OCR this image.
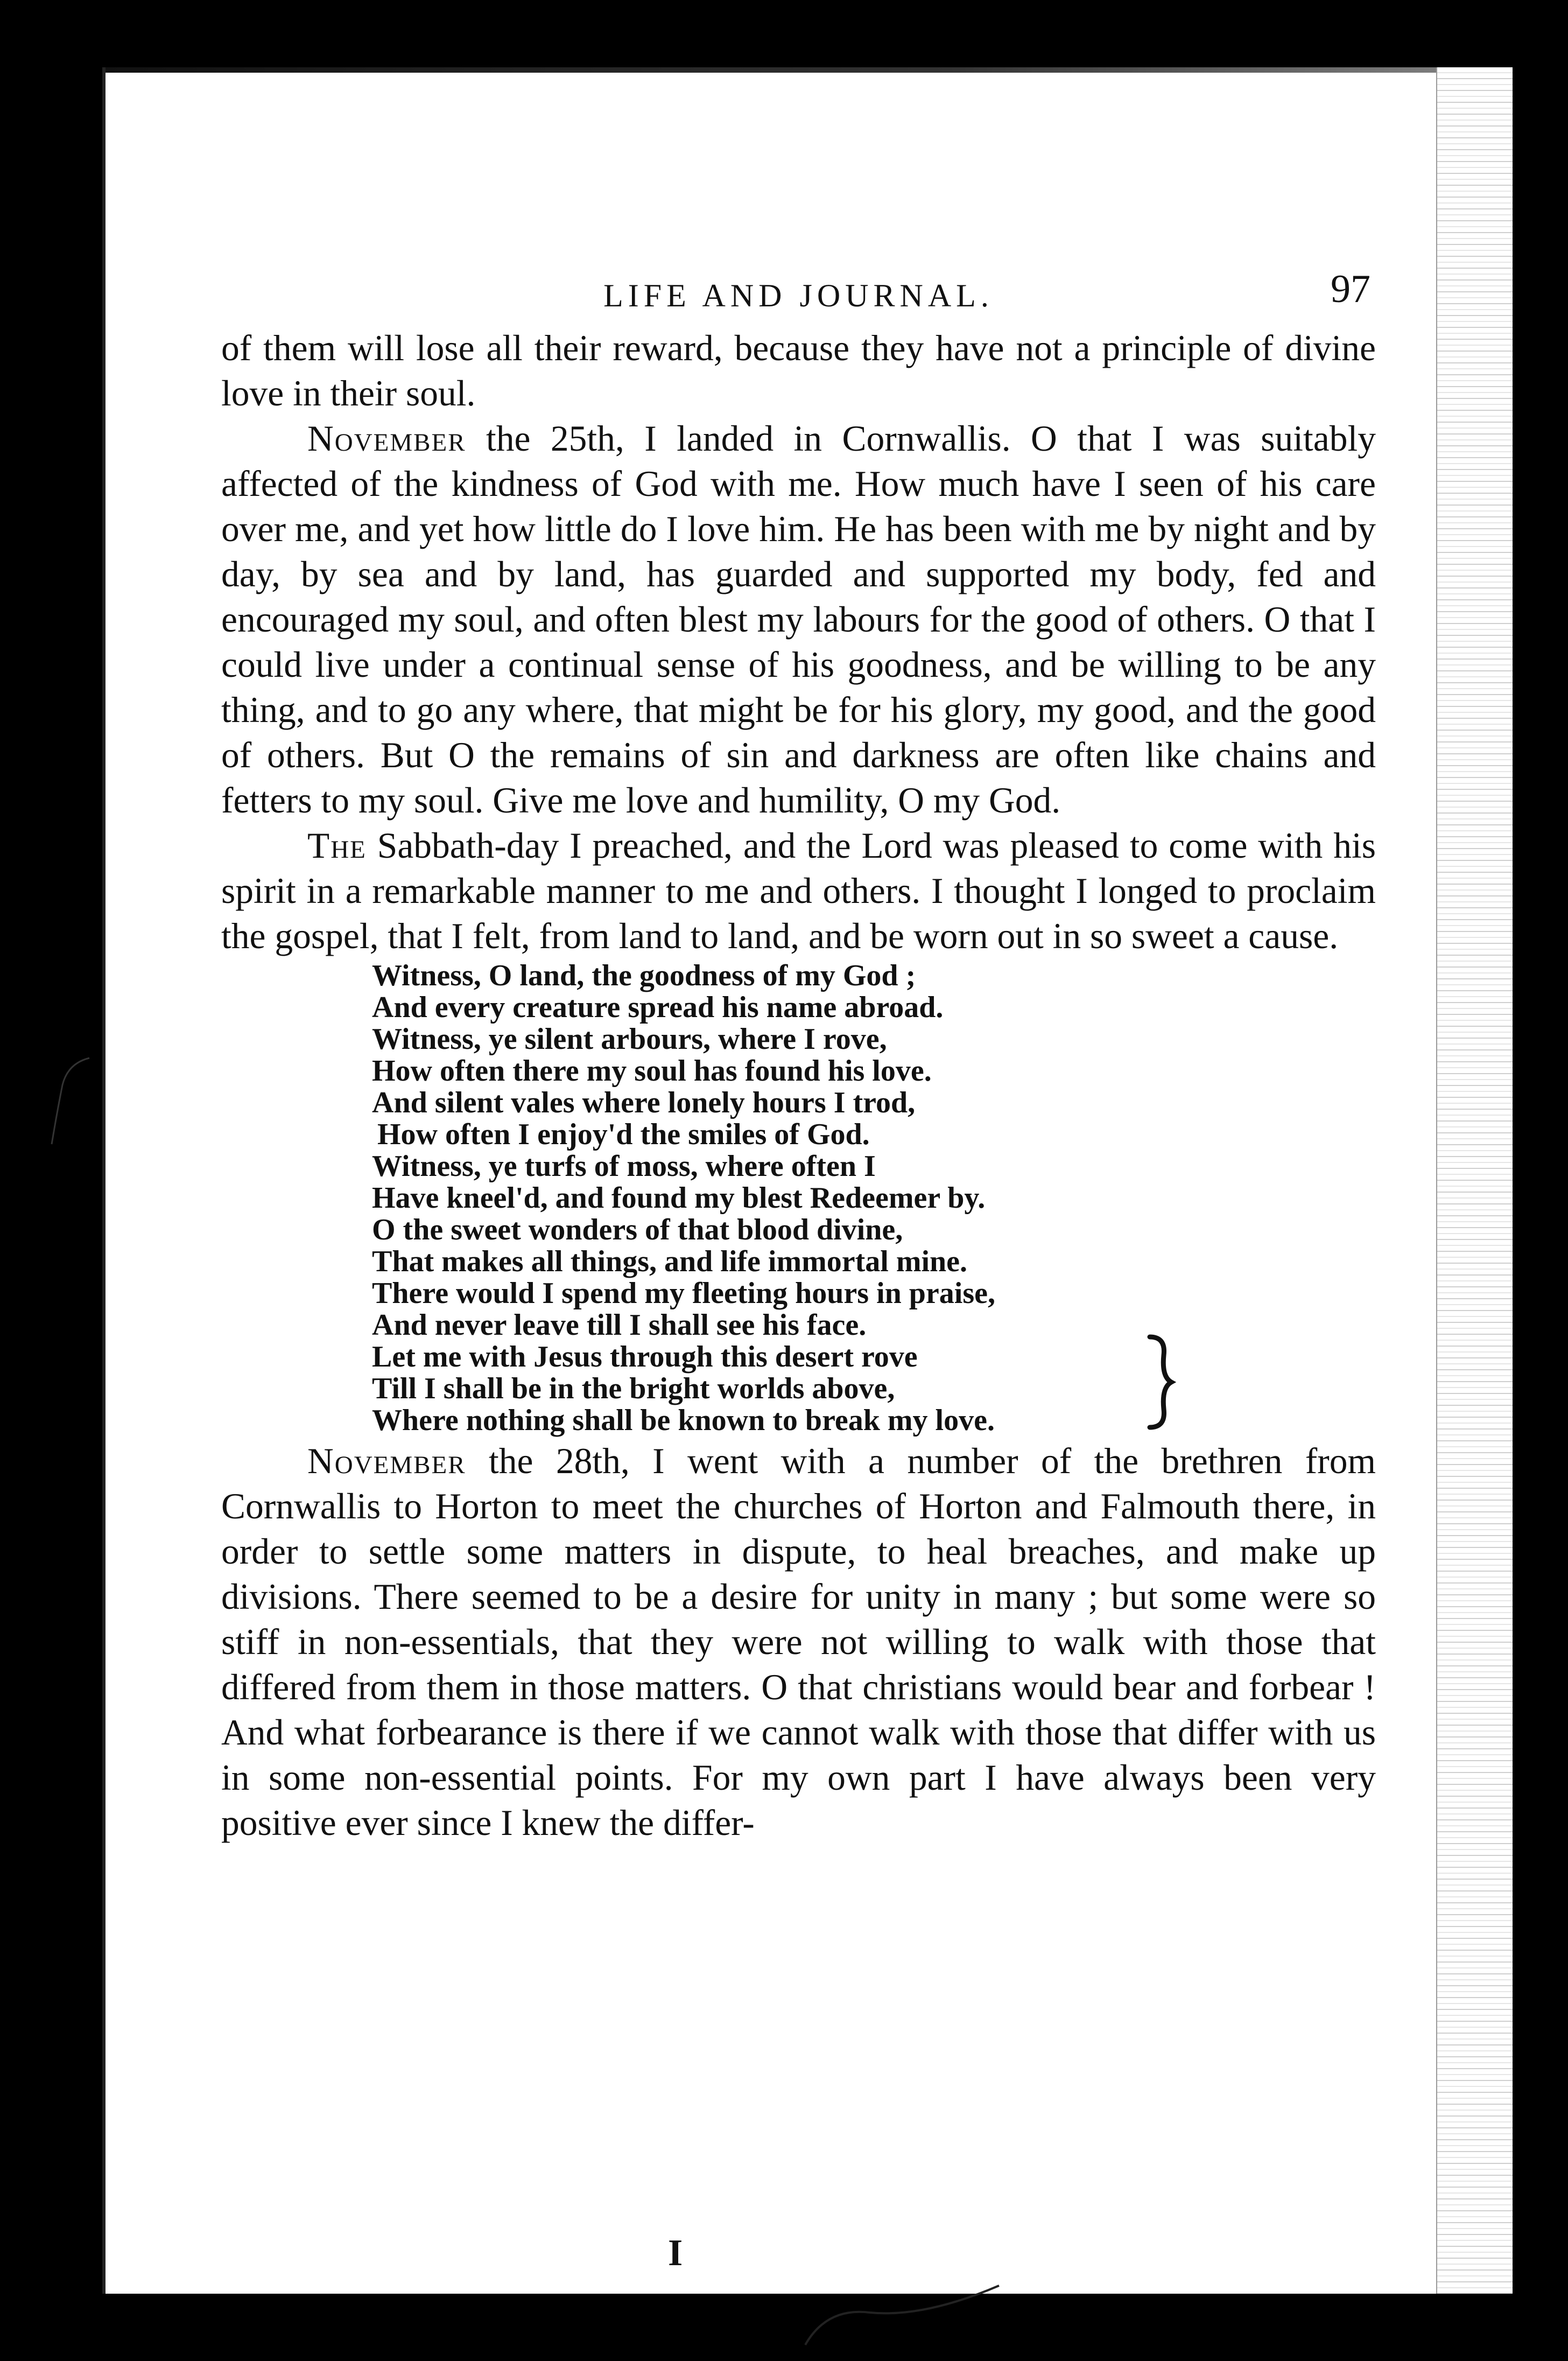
LIFE AND JOURNAL.	97

of them will lose all their reward, because they have not a principle of divine love in their soul.

November the 25th, I landed in Cornwallis. O that I was suitably affected of the kindness of God with me. How much have I seen of his care over me, and yet how little do I love him. He has been with me by night and by day, by sea and by land, has guarded and supported my body, fed and encouraged my soul, and often blest my labours for the good of others. O that I could live under a continual sense of his goodness, and be willing to be any thing, and to go any where, that might be for his glory, my good, and the good of others. But O the remains of sin and darkness are often like chains and fetters to my soul. Give me love and humility, O my God.

The Sabbath-day I preached, and the Lord was pleased to come with his spirit in a remarkable manner to me and others. I thought I longed to proclaim the gospel, that I felt, from land to land, and be worn out in so sweet a cause.

Witness, O land, the goodness of my God ;
And every creature spread his name abroad.
Witness, ye silent arbours, where I rove,
How often there my soul has found his love.
And silent vales where lonely hours I trod,
How often I enjoy'd the smiles of God.
Witness, ye turfs of moss, where often I
Have kneel'd, and found my blest Redeemer by.
O the sweet wonders of that blood divine,
That makes all things, and life immortal mine.
There would I spend my fleeting hours in praise,
And never leave till I shall see his face.
Let me with Jesus through this desert rove
Till I shall be in the bright worlds above,
Where nothing shall be known to break my love.

November the 28th, I went with a number of the brethren from Cornwallis to Horton to meet the churches of Horton and Falmouth there, in order to settle some matters in dispute, to heal breaches, and make up divisions. There seemed to be a desire for unity in many ; but some were so stiff in non-essentials, that they were not willing to walk with those that differed from them in those matters. O that christians would bear and forbear ! And what forbearance is there if we cannot walk with those that differ with us in some non-essential points. For my own part I have always been very positive ever since I knew the differ-

I
